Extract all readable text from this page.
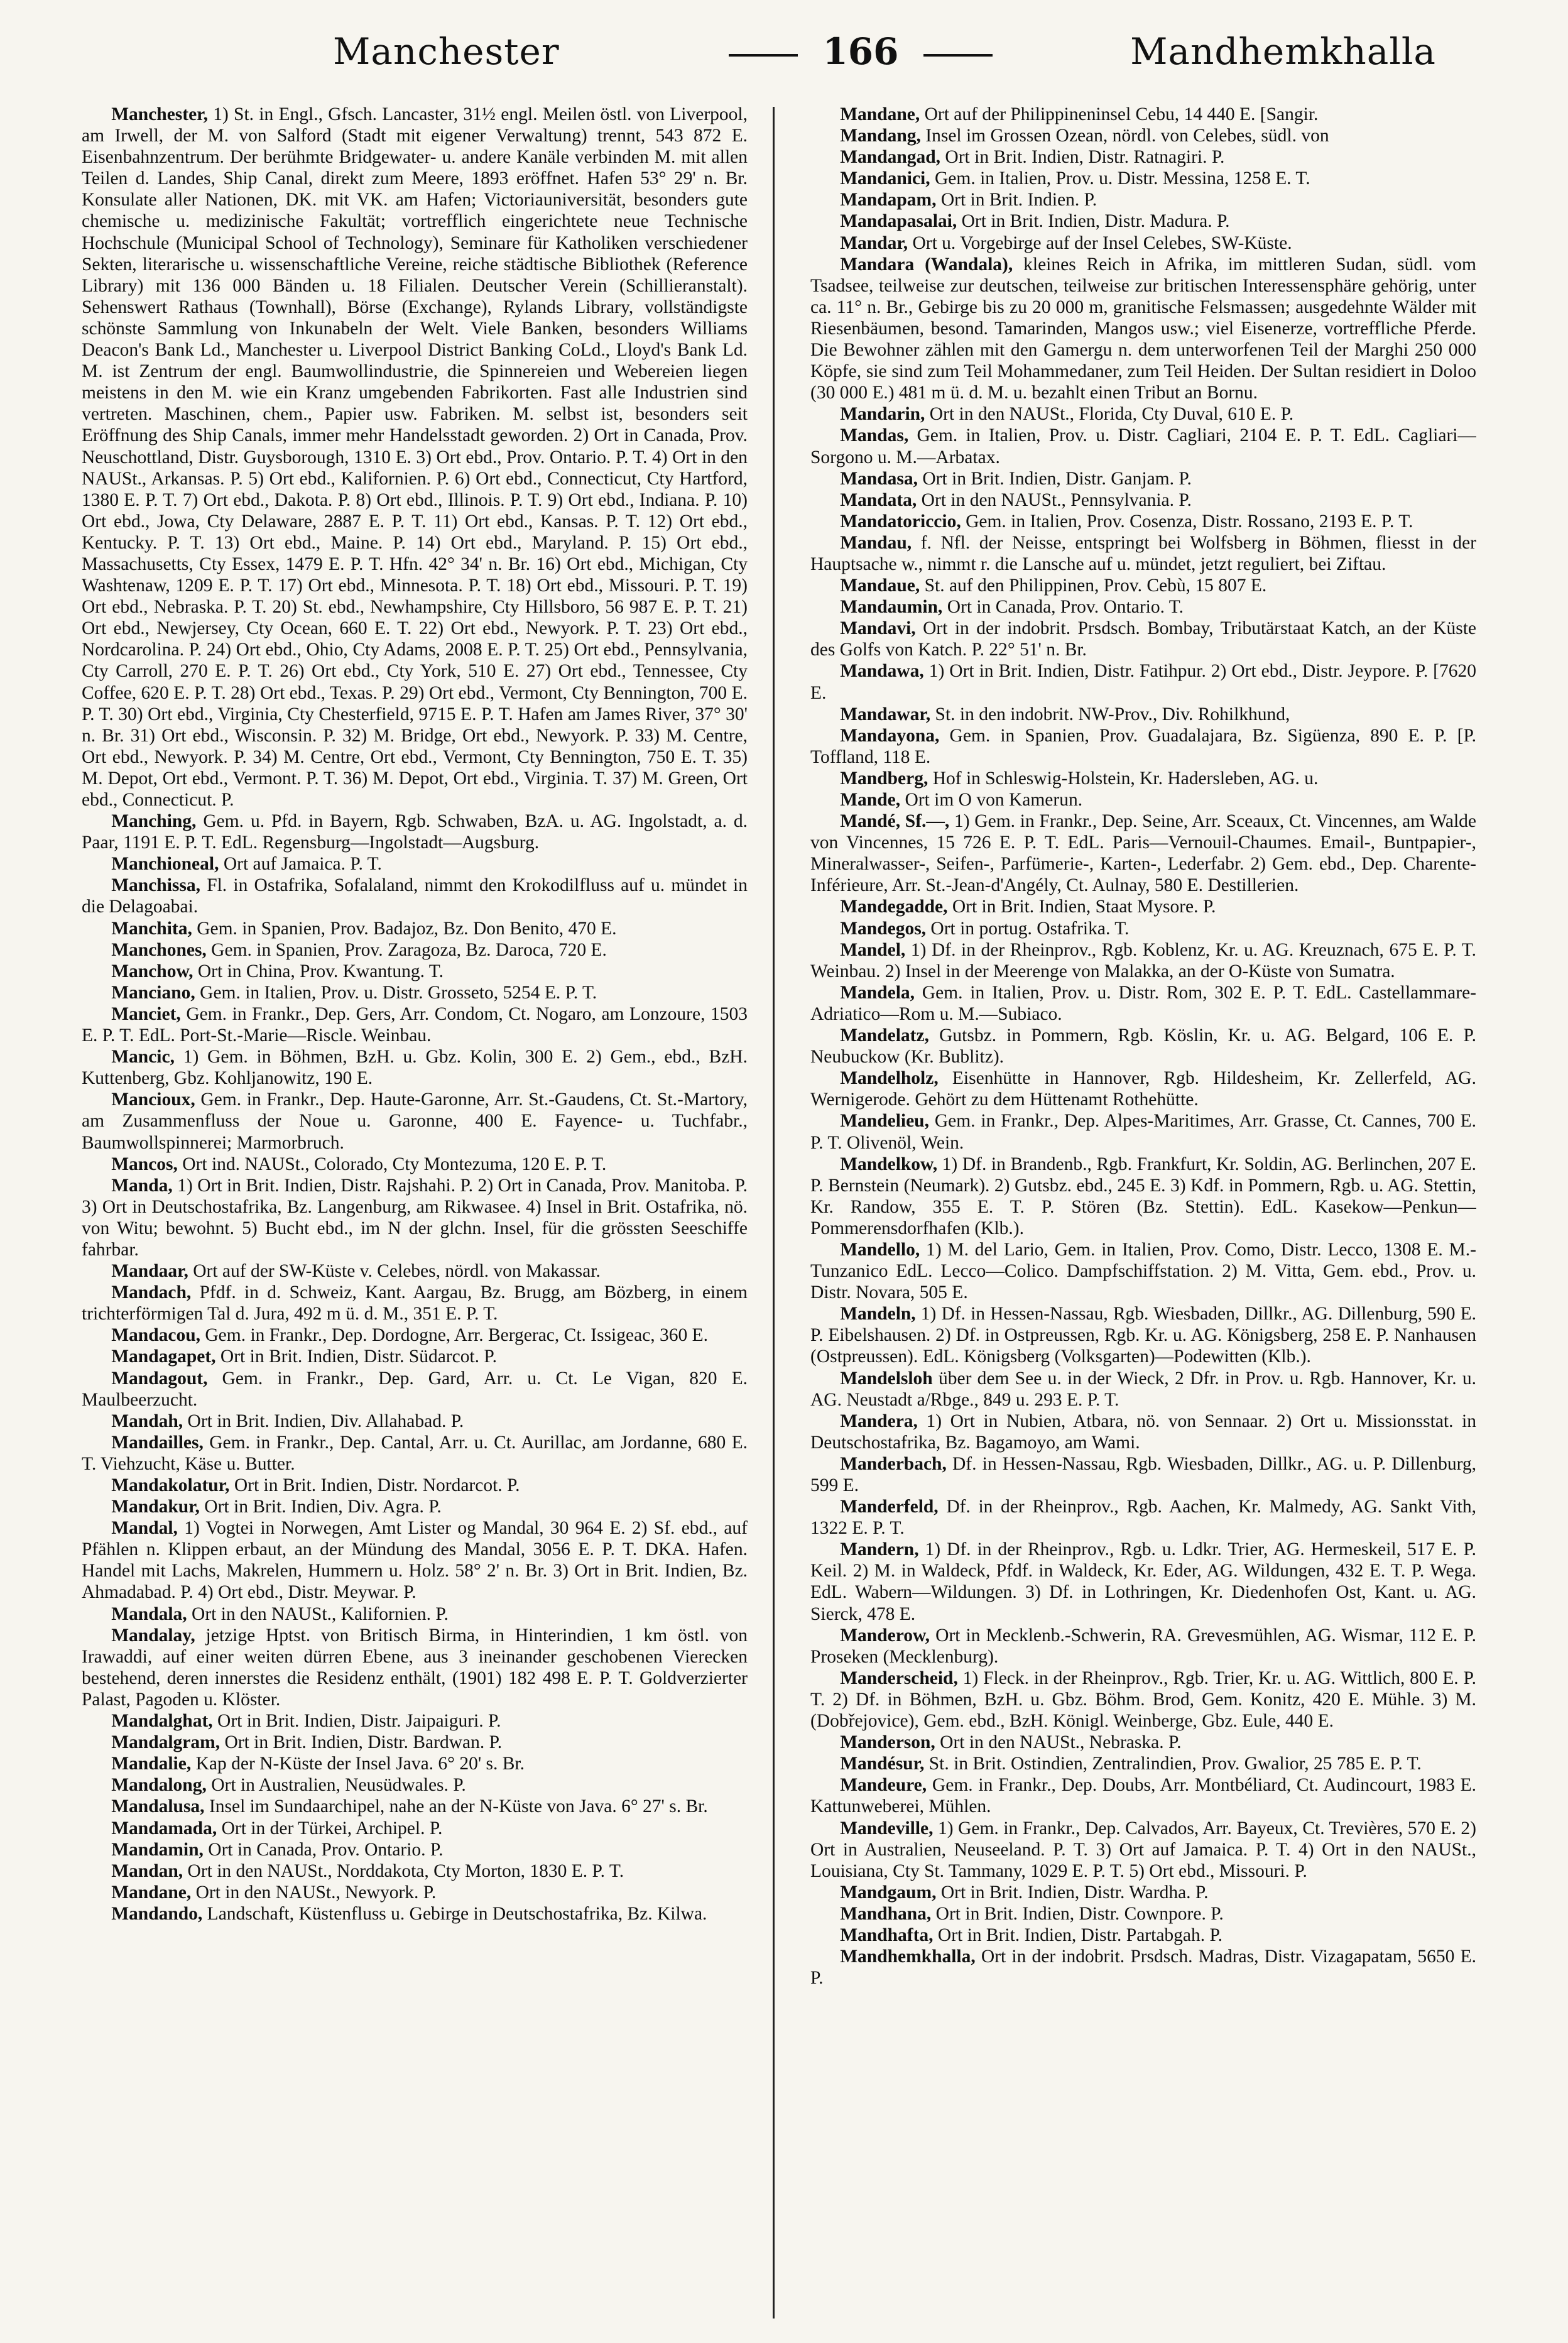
Manchester	166	Mandhemkhalla

Manchester, 1) St. in Engl., Gfsch. Lancaster, 31½ engl. Meilen östl. von Liverpool, am Irwell, der M. von Salford (Stadt mit eigener Verwaltung) trennt, 543 872 E. Eisenbahnzentrum. Der berühmte Bridgewater- u. andere Kanäle verbinden M. mit allen Teilen d. Landes, Ship Canal, direkt zum Meere, 1893 eröffnet. Hafen 53° 29' n. Br. Konsulate aller Nationen, DK. mit VK. am Hafen; Victoriauniversität, besonders gute chemische u. medizinische Fakultät; vortrefflich eingerichtete neue Technische Hochschule (Municipal School of Technology), Seminare für Katholiken verschiedener Sekten, literarische u. wissenschaftliche Vereine, reiche städtische Bibliothek (Reference Library) mit 136 000 Bänden u. 18 Filialen. Deutscher Verein (Schillieranstalt). Sehenswert Rathaus (Townhall), Börse (Exchange), Rylands Library, vollständigste schönste Sammlung von Inkunabeln der Welt. Viele Banken, besonders Williams Deacon's Bank Ld., Manchester u. Liverpool District Banking CoLd., Lloyd's Bank Ld. M. ist Zentrum der engl. Baumwollindustrie, die Spinnereien und Webereien liegen meistens in den M. wie ein Kranz umgebenden Fabrikorten. Fast alle Industrien sind vertreten. Maschinen, chem., Papier usw. Fabriken. M. selbst ist, besonders seit Eröffnung des Ship Canals, immer mehr Handelsstadt geworden. 2) Ort in Canada, Prov. Neuschottland, Distr. Guysborough, 1310 E. 3) Ort ebd., Prov. Ontario. P. T. 4) Ort in den NAUSt., Arkansas. P. 5) Ort ebd., Kalifornien. P. 6) Ort ebd., Connecticut, Cty Hartford, 1380 E. P. T. 7) Ort ebd., Dakota. P. 8) Ort ebd., Illinois. P. T. 9) Ort ebd., Indiana. P. 10) Ort ebd., Jowa, Cty Delaware, 2887 E. P. T. 11) Ort ebd., Kansas. P. T. 12) Ort ebd., Kentucky. P. T. 13) Ort ebd., Maine. P. 14) Ort ebd., Maryland. P. 15) Ort ebd., Massachusetts, Cty Essex, 1479 E. P. T. Hfn. 42° 34' n. Br. 16) Ort ebd., Michigan, Cty Washtenaw, 1209 E. P. T. 17) Ort ebd., Minnesota. P. T. 18) Ort ebd., Missouri. P. T. 19) Ort ebd., Nebraska. P. T. 20) St. ebd., Newhampshire, Cty Hillsboro, 56 987 E. P. T. 21) Ort ebd., Newjersey, Cty Ocean, 660 E. T. 22) Ort ebd., Newyork. P. T. 23) Ort ebd., Nordcarolina. P. 24) Ort ebd., Ohio, Cty Adams, 2008 E. P. T. 25) Ort ebd., Pennsylvania, Cty Carroll, 270 E. P. T. 26) Ort ebd., Cty York, 510 E. 27) Ort ebd., Tennessee, Cty Coffee, 620 E. P. T. 28) Ort ebd., Texas. P. 29) Ort ebd., Vermont, Cty Bennington, 700 E. P. T. 30) Ort ebd., Virginia, Cty Chesterfield, 9715 E. P. T. Hafen am James River, 37° 30' n. Br. 31) Ort ebd., Wisconsin. P. 32) M. Bridge, Ort ebd., Newyork. P. 33) M. Centre, Ort ebd., Newyork. P. 34) M. Centre, Ort ebd., Vermont, Cty Bennington, 750 E. T. 35) M. Depot, Ort ebd., Vermont. P. T. 36) M. Depot, Ort ebd., Virginia. T. 37) M. Green, Ort ebd., Connecticut. P.

Manching, Gem. u. Pfd. in Bayern, Rgb. Schwaben, BzA. u. AG. Ingolstadt, a. d. Paar, 1191 E. P. T. EdL. Regensburg—Ingolstadt—Augsburg.

Manchioneal, Ort auf Jamaica. P. T.

Manchissa, Fl. in Ostafrika, Sofalaland, nimmt den Krokodilfluss auf u. mündet in die Delagoabai.

Manchita, Gem. in Spanien, Prov. Badajoz, Bz. Don Benito, 470 E.

Manchones, Gem. in Spanien, Prov. Zaragoza, Bz. Daroca, 720 E.

Manchow, Ort in China, Prov. Kwantung. T.

Manciano, Gem. in Italien, Prov. u. Distr. Grosseto, 5254 E. P. T.

Manciet, Gem. in Frankr., Dep. Gers, Arr. Condom, Ct. Nogaro, am Lonzoure, 1503 E. P. T. EdL. Port-St.-Marie—Riscle. Weinbau.

Mancic, 1) Gem. in Böhmen, BzH. u. Gbz. Kolin, 300 E. 2) Gem., ebd., BzH. Kuttenberg, Gbz. Kohljanowitz, 190 E.

Mancioux, Gem. in Frankr., Dep. Haute-Garonne, Arr. St.-Gaudens, Ct. St.-Martory, am Zusammenfluss der Noue u. Garonne, 400 E. Fayence- u. Tuchfabr., Baumwollspinnerei; Marmorbruch.

Mancos, Ort ind. NAUSt., Colorado, Cty Montezuma, 120 E. P. T.

Manda, 1) Ort in Brit. Indien, Distr. Rajshahi. P. 2) Ort in Canada, Prov. Manitoba. P. 3) Ort in Deutschostafrika, Bz. Langenburg, am Rikwasee. 4) Insel in Brit. Ostafrika, nö. von Witu; bewohnt. 5) Bucht ebd., im N der glchn. Insel, für die grössten Seeschiffe fahrbar.

Mandaar, Ort auf der SW-Küste v. Celebes, nördl. von Makassar.

Mandach, Pfdf. in d. Schweiz, Kant. Aargau, Bz. Brugg, am Bözberg, in einem trichterförmigen Tal d. Jura, 492 m ü. d. M., 351 E. P. T.

Mandacou, Gem. in Frankr., Dep. Dordogne, Arr. Bergerac, Ct. Issigeac, 360 E.

Mandagapet, Ort in Brit. Indien, Distr. Südarcot. P.

Mandagout, Gem. in Frankr., Dep. Gard, Arr. u. Ct. Le Vigan, 820 E. Maulbeerzucht.

Mandah, Ort in Brit. Indien, Div. Allahabad. P.

Mandailles, Gem. in Frankr., Dep. Cantal, Arr. u. Ct. Aurillac, am Jordanne, 680 E. T. Viehzucht, Käse u. Butter.

Mandakolatur, Ort in Brit. Indien, Distr. Nordarcot. P.

Mandakur, Ort in Brit. Indien, Div. Agra. P.

Mandal, 1) Vogtei in Norwegen, Amt Lister og Mandal, 30 964 E. 2) Sf. ebd., auf Pfählen n. Klippen erbaut, an der Mündung des Mandal, 3056 E. P. T. DKA. Hafen. Handel mit Lachs, Makrelen, Hummern u. Holz. 58° 2' n. Br. 3) Ort in Brit. Indien, Bz. Ahmadabad. P. 4) Ort ebd., Distr. Meywar. P.

Mandala, Ort in den NAUSt., Kalifornien. P.

Mandalay, jetzige Hptst. von Britisch Birma, in Hinterindien, 1 km östl. von Irawaddi, auf einer weiten dürren Ebene, aus 3 ineinander geschobenen Vierecken bestehend, deren innerstes die Residenz enthält, (1901) 182 498 E. P. T. Goldverzierter Palast, Pagoden u. Klöster.

Mandalghat, Ort in Brit. Indien, Distr. Jaipaiguri. P.

Mandalgram, Ort in Brit. Indien, Distr. Bardwan. P.

Mandalie, Kap der N-Küste der Insel Java. 6° 20' s. Br.

Mandalong, Ort in Australien, Neusüdwales. P.

Mandalusa, Insel im Sundaarchipel, nahe an der N-Küste von Java. 6° 27' s. Br.

Mandamada, Ort in der Türkei, Archipel. P.

Mandamin, Ort in Canada, Prov. Ontario. P.

Mandan, Ort in den NAUSt., Norddakota, Cty Morton, 1830 E. P. T.

Mandane, Ort in den NAUSt., Newyork. P.

Mandando, Landschaft, Küstenfluss u. Gebirge in Deutschostafrika, Bz. Kilwa.

Mandane, Ort auf der Philippineninsel Cebu, 14 440 E. [Sangir.

Mandang, Insel im Grossen Ozean, nördl. von Celebes, südl. von

Mandangad, Ort in Brit. Indien, Distr. Ratnagiri. P.

Mandanici, Gem. in Italien, Prov. u. Distr. Messina, 1258 E. T.

Mandapam, Ort in Brit. Indien. P.

Mandapasalai, Ort in Brit. Indien, Distr. Madura. P.

Mandar, Ort u. Vorgebirge auf der Insel Celebes, SW-Küste.

Mandara (Wandala), kleines Reich in Afrika, im mittleren Sudan, südl. vom Tsadsee, teilweise zur deutschen, teilweise zur britischen Interessensphäre gehörig, unter ca. 11° n. Br., Gebirge bis zu 20 000 m, granitische Felsmassen; ausgedehnte Wälder mit Riesenbäumen, besond. Tamarinden, Mangos usw.; viel Eisenerze, vortreffliche Pferde. Die Bewohner zählen mit den Gamergu n. dem unterworfenen Teil der Marghi 250 000 Köpfe, sie sind zum Teil Mohammedaner, zum Teil Heiden. Der Sultan residiert in Doloo (30 000 E.) 481 m ü. d. M. u. bezahlt einen Tribut an Bornu.

Mandarin, Ort in den NAUSt., Florida, Cty Duval, 610 E. P.

Mandas, Gem. in Italien, Prov. u. Distr. Cagliari, 2104 E. P. T. EdL. Cagliari—Sorgono u. M.—Arbatax.

Mandasa, Ort in Brit. Indien, Distr. Ganjam. P.

Mandata, Ort in den NAUSt., Pennsylvania. P.

Mandatoriccio, Gem. in Italien, Prov. Cosenza, Distr. Rossano, 2193 E. P. T.

Mandau, f. Nfl. der Neisse, entspringt bei Wolfsberg in Böhmen, fliesst in der Hauptsache w., nimmt r. die Lansche auf u. mündet, jetzt reguliert, bei Ziftau.

Mandaue, St. auf den Philippinen, Prov. Cebù, 15 807 E.

Mandaumin, Ort in Canada, Prov. Ontario. T.

Mandavi, Ort in der indobrit. Prsdsch. Bombay, Tributärstaat Katch, an der Küste des Golfs von Katch. P. 22° 51' n. Br.

Mandawa, 1) Ort in Brit. Indien, Distr. Fatihpur. 2) Ort ebd., Distr. Jeypore. P. [7620 E.

Mandawar, St. in den indobrit. NW-Prov., Div. Rohilkhund,

Mandayona, Gem. in Spanien, Prov. Guadalajara, Bz. Sigüenza, 890 E. P. [P. Toffland, 118 E.

Mandberg, Hof in Schleswig-Holstein, Kr. Hadersleben, AG. u.

Mande, Ort im O von Kamerun.

Mandé, Sf.—, 1) Gem. in Frankr., Dep. Seine, Arr. Sceaux, Ct. Vincennes, am Walde von Vincennes, 15 726 E. P. T. EdL. Paris—Vernouil-Chaumes. Email-, Buntpapier-, Mineralwasser-, Seifen-, Parfümerie-, Karten-, Lederfabr. 2) Gem. ebd., Dep. Charente-Inférieure, Arr. St.-Jean-d'Angély, Ct. Aulnay, 580 E. Destillerien.

Mandegadde, Ort in Brit. Indien, Staat Mysore. P.

Mandegos, Ort in portug. Ostafrika. T.

Mandel, 1) Df. in der Rheinprov., Rgb. Koblenz, Kr. u. AG. Kreuznach, 675 E. P. T. Weinbau. 2) Insel in der Meerenge von Malakka, an der O-Küste von Sumatra.

Mandela, Gem. in Italien, Prov. u. Distr. Rom, 302 E. P. T. EdL. Castellammare-Adriatico—Rom u. M.—Subiaco.

Mandelatz, Gutsbz. in Pommern, Rgb. Köslin, Kr. u. AG. Belgard, 106 E. P. Neubuckow (Kr. Bublitz).

Mandelholz, Eisenhütte in Hannover, Rgb. Hildesheim, Kr. Zellerfeld, AG. Wernigerode. Gehört zu dem Hüttenamt Rothehütte.

Mandelieu, Gem. in Frankr., Dep. Alpes-Maritimes, Arr. Grasse, Ct. Cannes, 700 E. P. T. Olivenöl, Wein.

Mandelkow, 1) Df. in Brandenb., Rgb. Frankfurt, Kr. Soldin, AG. Berlinchen, 207 E. P. Bernstein (Neumark). 2) Gutsbz. ebd., 245 E. 3) Kdf. in Pommern, Rgb. u. AG. Stettin, Kr. Randow, 355 E. T. P. Stören (Bz. Stettin). EdL. Kasekow—Penkun—Pommerensdorfhafen (Klb.).

Mandello, 1) M. del Lario, Gem. in Italien, Prov. Como, Distr. Lecco, 1308 E. M.-Tunzanico EdL. Lecco—Colico. Dampfschiffstation. 2) M. Vitta, Gem. ebd., Prov. u. Distr. Novara, 505 E.

Mandeln, 1) Df. in Hessen-Nassau, Rgb. Wiesbaden, Dillkr., AG. Dillenburg, 590 E. P. Eibelshausen. 2) Df. in Ostpreussen, Rgb. Kr. u. AG. Königsberg, 258 E. P. Nanhausen (Ostpreussen). EdL. Königsberg (Volksgarten)—Podewitten (Klb.).

Mandelsloh über dem See u. in der Wieck, 2 Dfr. in Prov. u. Rgb. Hannover, Kr. u. AG. Neustadt a/Rbge., 849 u. 293 E. P. T.

Mandera, 1) Ort in Nubien, Atbara, nö. von Sennaar. 2) Ort u. Missionsstat. in Deutschostafrika, Bz. Bagamoyo, am Wami.

Manderbach, Df. in Hessen-Nassau, Rgb. Wiesbaden, Dillkr., AG. u. P. Dillenburg, 599 E.

Manderfeld, Df. in der Rheinprov., Rgb. Aachen, Kr. Malmedy, AG. Sankt Vith, 1322 E. P. T.

Mandern, 1) Df. in der Rheinprov., Rgb. u. Ldkr. Trier, AG. Hermeskeil, 517 E. P. Keil. 2) M. in Waldeck, Pfdf. in Waldeck, Kr. Eder, AG. Wildungen, 432 E. T. P. Wega. EdL. Wabern—Wildungen. 3) Df. in Lothringen, Kr. Diedenhofen Ost, Kant. u. AG. Sierck, 478 E.

Manderow, Ort in Mecklenb.-Schwerin, RA. Grevesmühlen, AG. Wismar, 112 E. P. Proseken (Mecklenburg).

Manderscheid, 1) Fleck. in der Rheinprov., Rgb. Trier, Kr. u. AG. Wittlich, 800 E. P. T. 2) Df. in Böhmen, BzH. u. Gbz. Böhm. Brod, Gem. Konitz, 420 E. Mühle. 3) M. (Dobřejovice), Gem. ebd., BzH. Königl. Weinberge, Gbz. Eule, 440 E.

Manderson, Ort in den NAUSt., Nebraska. P.

Mandésur, St. in Brit. Ostindien, Zentralindien, Prov. Gwalior, 25 785 E. P. T.

Mandeure, Gem. in Frankr., Dep. Doubs, Arr. Montbéliard, Ct. Audincourt, 1983 E. Kattunweberei, Mühlen.

Mandeville, 1) Gem. in Frankr., Dep. Calvados, Arr. Bayeux, Ct. Trevières, 570 E. 2) Ort in Australien, Neuseeland. P. T. 3) Ort auf Jamaica. P. T. 4) Ort in den NAUSt., Louisiana, Cty St. Tammany, 1029 E. P. T. 5) Ort ebd., Missouri. P.

Mandgaum, Ort in Brit. Indien, Distr. Wardha. P.

Mandhana, Ort in Brit. Indien, Distr. Cownpore. P.

Mandhafta, Ort in Brit. Indien, Distr. Partabgah. P.

Mandhemkhalla, Ort in der indobrit. Prsdsch. Madras, Distr. Vizagapatam, 5650 E. P.
